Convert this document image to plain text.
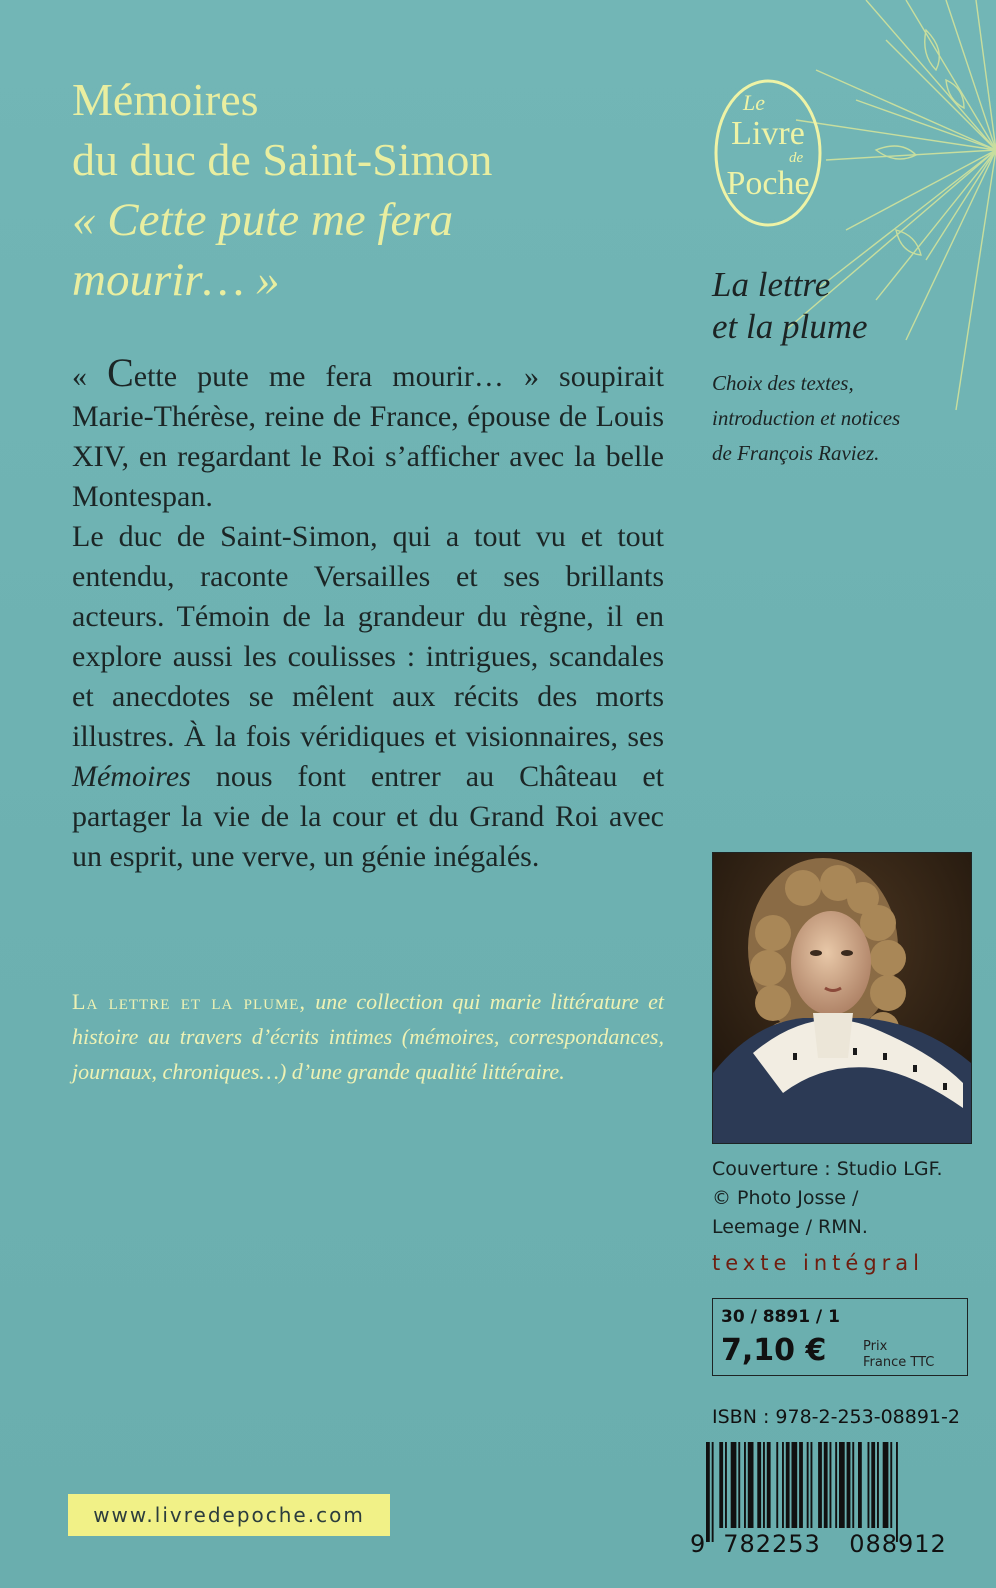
Mémoires
du duc de Saint-Simon
« Cette pute me fera
mourir… »

« Cette pute me fera mourir… » soupirait Marie-Thérèse, reine de France, épouse de Louis XIV, en regardant le Roi s’afficher avec la belle Montespan.

Le duc de Saint-Simon, qui a tout vu et tout entendu, raconte Versailles et ses brillants acteurs. Témoin de la grandeur du règne, il en explore aussi les coulisses : intrigues, scandales et anecdotes se mêlent aux récits des morts illustres. À la fois véridiques et visionnaires, ses Mémoires nous font entrer au Château et partager la vie de la cour et du Grand Roi avec un esprit, une verve, un génie inégalés.

La lettre et la plume, une collection qui marie littérature et histoire au travers d’écrits intimes (mémoires, correspondances, journaux, chroniques…) d’une grande qualité littéraire.
Le
Livre
de
Poche
La lettre
et la plume
Choix des textes,
introduction et notices
de François Raviez.
Couverture : Studio LGF.
© Photo Josse /
Leemage / RMN.
texte intégral
30 / 8891 / 1
7,10 €	Prix
France TTC
ISBN : 978-2-253-08891-2
9 782253 088912
www.livredepoche.com
